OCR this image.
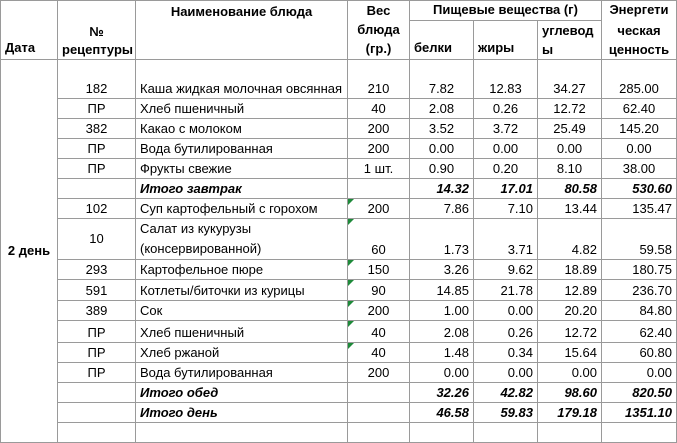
Дата	№ рецептуры	Наименование блюда	Вес блюда (гр.)	Пищевые вещества (г)			Энергети
				белки	жиры	углевод ы	ческая ценность

2 день	182	Каша жидкая молочная овсянная	210	7.82	12.83	34.27	285.00
	ПР	Хлеб пшеничный	40	2.08	0.26	12.72	62.40
	382	Какао с молоком	200	3.52	3.72	25.49	145.20
	ПР	Вода бутилированная	200	0.00	0.00	0.00	0.00
	ПР	Фрукты свежие	1 шт.	0.90	0.20	8.10	38.00
		Итого завтрак		14.32	17.01	80.58	530.60
	102	Суп картофельный с горохом	200	7.86	7.10	13.44	135.47
	10	Салат из кукурузы (консервированной)	60	1.73	3.71	4.82	59.58
	293	Картофельное пюре	150	3.26	9.62	18.89	180.75
	591	Котлеты/биточки из курицы	90	14.85	21.78	12.89	236.70
	389	Сок	200	1.00	0.00	20.20	84.80
	ПР	Хлеб пшеничный	40	2.08	0.26	12.72	62.40
	ПР	Хлеб ржаной	40	1.48	0.34	15.64	60.80
	ПР	Вода бутилированная	200	0.00	0.00	0.00	0.00
		Итого обед		32.26	42.82	98.60	820.50
		Итого день		46.58	59.83	179.18	1351.10
